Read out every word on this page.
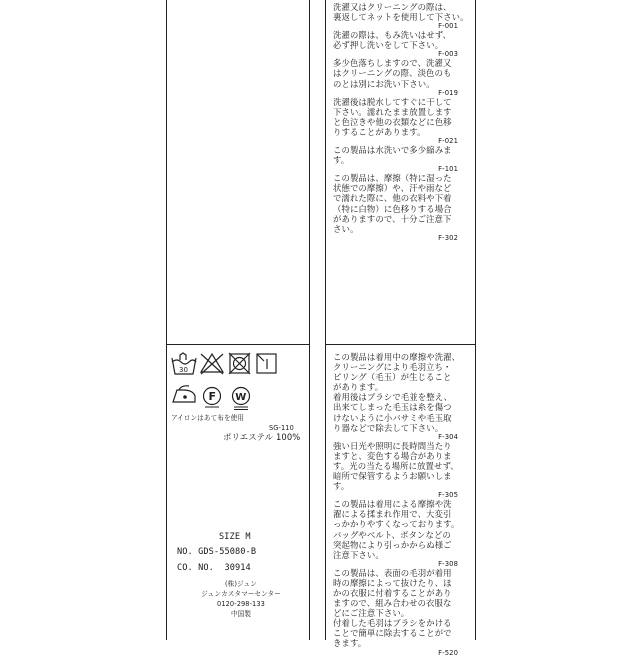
洗濯又はクリーニングの際は、
裏返してネットを使用して下さい。
F-001
洗濯の際は、もみ洗いはせず、
必ず押し洗いをして下さい。
F-003
多少色落ちしますので、洗濯又
はクリーニングの際、淡色のも
のとは別にお洗い下さい。
F-019
洗濯後は脱水してすぐに干して
下さい。濡れたまま放置します
と色泣きや他の衣類などに色移
りすることがあります。
F-021
この製品は水洗いで多少縮みま
す。
F-101
この製品は、摩擦（特に湿った
状態での摩擦）や、汗や雨など
で濡れた際に、他の衣料や下着
（特に白物）に色移りする場合
がありますので、十分ご注意下
さい。
F-302
この製品は着用中の摩擦や洗濯、
クリーニングにより毛羽立ち・
ピリング（毛玉）が生じること
があります。
着用後はブラシで毛並を整え、
出来てしまった毛玉は糸を傷つ
けないように小バサミや毛玉取
り器などで除去して下さい。
F-304
強い日光や照明に長時間当たり
ますと、変色する場合がありま
す。光の当たる場所に放置せず、
暗所で保管するようお願いしま
す。
F-305
この製品は着用による摩擦や洗
濯による揉まれ作用で、大変引
っかかりやすくなっております。
バッグやベルト、ボタンなどの
突起物により引っかからぬ様ご
注意下さい。
F-308
この製品は、表面の毛羽が着用
時の摩擦によって抜けたり、ほ
かの衣服に付着することがあり
ますので、組み合わせの衣服な
どにご注意下さい。
付着した毛羽はブラシをかける
ことで簡単に除去することがで
きます。
F-520
30
F W
アイロンはあて布を使用
SG-110
ポリエステル 100%
SIZE M
NO. GDS-55080-B
CO. NO.  30914
(株)ジュン
ジュンカスタマーセンター
0120-298-133
中国製
